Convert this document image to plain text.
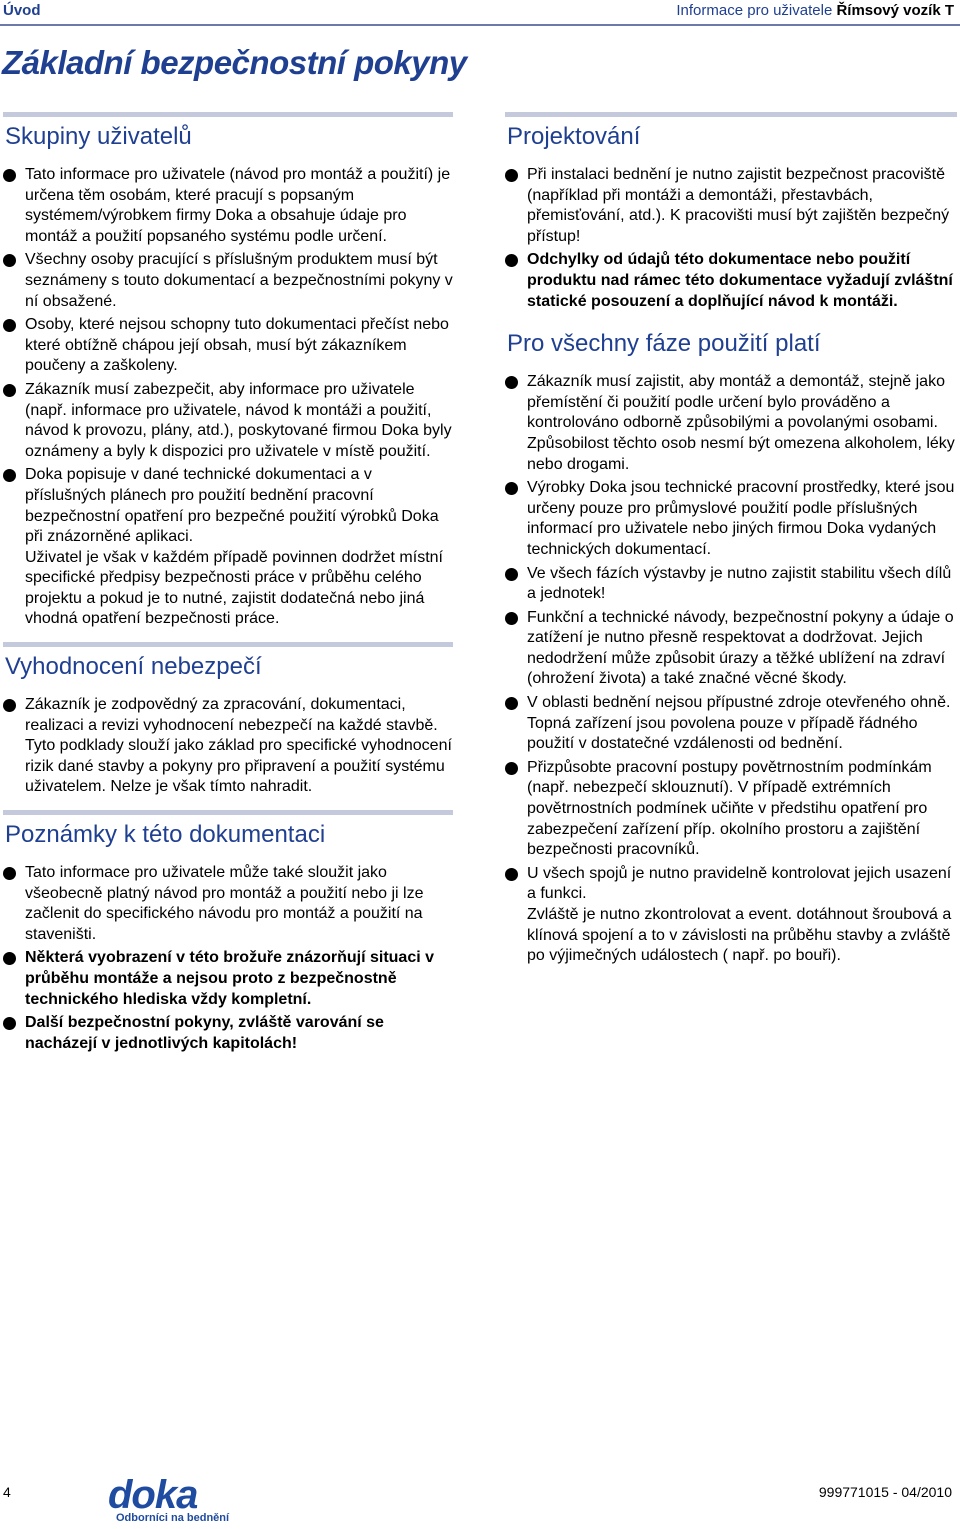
Úvod	Informace pro uživatele Římsový vozík T
Základní bezpečnostní pokyny
Skupiny uživatelů

Tato informace pro uživatele (návod pro montáž a použití) je určena těm osobám, které pracují s popsaným systémem/výrobkem firmy Doka a obsahuje údaje pro montáž a použití popsaného systému podle určení.

Všechny osoby pracující s příslušným produktem musí být seznámeny s touto dokumentací a bezpečnostními pokyny v ní obsažené.

Osoby, které nejsou schopny tuto dokumentaci přečíst nebo které obtížně chápou její obsah, musí být zákazníkem poučeny a zaškoleny.

Zákazník musí zabezpečit, aby informace pro uživatele (např. informace pro uživatele, návod k montáži a použití, návod k provozu, plány, atd.), poskytované firmou Doka byly oznámeny a byly k dispozici pro uživatele v místě použití.

Doka popisuje v dané technické dokumentaci a v příslušných plánech pro použití bednění pracovní bezpečnostní opatření pro bezpečné použití výrobků Doka při znázorněné aplikaci.

Uživatel je však v každém případě povinnen dodržet místní specifické předpisy bezpečnosti práce v průběhu celého projektu a pokud je to nutné, zajistit dodatečná nebo jiná vhodná opatření bezpečnosti práce.

Vyhodnocení nebezpečí

Zákazník je zodpovědný za zpracování, dokumentaci, realizaci a revizi vyhodnocení nebezpečí na každé stavbě.

Tyto podklady slouží jako základ pro specifické vyhodnocení rizik dané stavby a pokyny pro připravení a použití systému uživatelem. Nelze je však tímto nahradit.

Poznámky k této dokumentaci

Tato informace pro uživatele může také sloužit jako všeobecně platný návod pro montáž a použití nebo ji lze začlenit do specifického návodu pro montáž a použití na staveništi.

Některá vyobrazení v této brožuře znázorňují situaci v průběhu montáže a nejsou proto z bezpečnostně technického hlediska vždy kompletní.

Další bezpečnostní pokyny, zvláště varování se nacházejí v jednotlivých kapitolách!

Projektování

Při instalaci bednění je nutno zajistit bezpečnost pracoviště (například při montáži a demontáži, přestavbách, přemisťování, atd.). K pracovišti musí být zajištěn bezpečný přístup!

Odchylky od údajů této dokumentace nebo použití produktu nad rámec této dokumentace vyžadují zvláštní statické posouzení a doplňující návod k montáži.

Pro všechny fáze použití platí

Zákazník musí zajistit, aby montáž a demontáž, stejně jako přemístění či použití podle určení bylo prováděno a kontrolováno odborně způsobilými a povolanými osobami.

Způsobilost těchto osob nesmí být omezena alkoholem, léky nebo drogami.

Výrobky Doka jsou technické pracovní prostředky, které jsou určeny pouze pro průmyslové použití podle příslušných informací pro uživatele nebo jiných firmou Doka vydaných technických dokumentací.

Ve všech fázích výstavby je nutno zajistit stabilitu všech dílů a jednotek!

Funkční a technické návody, bezpečnostní pokyny a údaje o zatížení je nutno přesně respektovat a dodržovat. Jejich nedodržení může způsobit úrazy a těžké ublížení na zdraví (ohrožení života) a také značné věcné škody.

V oblasti bednění nejsou přípustné zdroje otevřeného ohně. Topná zařízení jsou povolena pouze v případě řádného použití v dostatečné vzdálenosti od bednění.

Přizpůsobte pracovní postupy povětrnostním podmínkám (např. nebezpečí sklouznutí). V případě extrémních povětrnostních podmínek učiňte v předstihu opatření pro zabezpečení zařízení příp. okolního prostoru a zajištění bezpečnosti pracovníků.

U všech spojů je nutno pravidelně kontrolovat jejich usazení a funkci.

Zvláště je nutno zkontrolovat a event. dotáhnout šroubová a klínová spojení a to v závislosti na průběhu stavby a zvláště po výjimečných událostech ( např. po bouři).

4 doka
Odborníci na bednění
999771015 - 04/2010
